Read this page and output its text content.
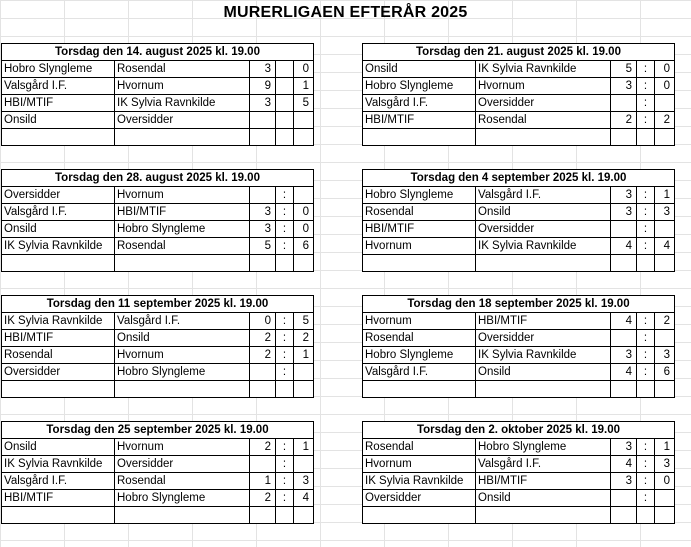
MURERLIGAEN EFTERÅR 2025
Torsdag den 14. august 2025 kl. 19.00				
Hobro Slyngleme	Rosendal	3		0
Valsgård I.F.	Hvornum	9		1
HBI/MTIF	IK Sylvia Ravnkilde	3		5
Onsild	Oversidder			

Torsdag den 21. august 2025 kl. 19.00				
Onsild	IK Sylvia Ravnkilde	5	:	0
Hobro Slyngleme	Hvornum	3	:	0
Valsgård I.F.	Oversidder		:	
HBI/MTIF	Rosendal	2	:	2

Torsdag den 28. august 2025 kl. 19.00				
Oversidder	Hvornum		:	
Valsgård I.F.	HBI/MTIF	3	:	0
Onsild	Hobro Slyngleme	3	:	0
IK Sylvia Ravnkilde	Rosendal	5	:	6

Torsdag den 4 september 2025 kl. 19.00				
Hobro Slyngleme	Valsgård I.F.	3	:	1
Rosendal	Onsild	3	:	3
HBI/MTIF	Oversidder		:	
Hvornum	IK Sylvia Ravnkilde	4	:	4

Torsdag den 11 september 2025 kl. 19.00				
IK Sylvia Ravnkilde	Valsgård I.F.	0	:	5
HBI/MTIF	Onsild	2	:	2
Rosendal	Hvornum	2	:	1
Oversidder	Hobro Slyngleme		:	

Torsdag den 18 september 2025 kl. 19.00				
Hvornum	HBI/MTIF	4	:	2
Rosendal	Oversidder		:	
Hobro Slyngleme	IK Sylvia Ravnkilde	3	:	3
Valsgård I.F.	Onsild	4	:	6

Torsdag den 25 september 2025 kl. 19.00				
Onsild	Hvornum	2	:	1
IK Sylvia Ravnkilde	Oversidder		:	
Valsgård I.F.	Rosendal	1	:	3
HBI/MTIF	Hobro Slyngleme	2	:	4

Torsdag den 2. oktober 2025 kl. 19.00				
Rosendal	Hobro Slyngleme	3	:	1
Hvornum	Valsgård I.F.	4	:	3
IK Sylvia Ravnkilde	HBI/MTIF	3	:	0
Oversidder	Onsild		:	
